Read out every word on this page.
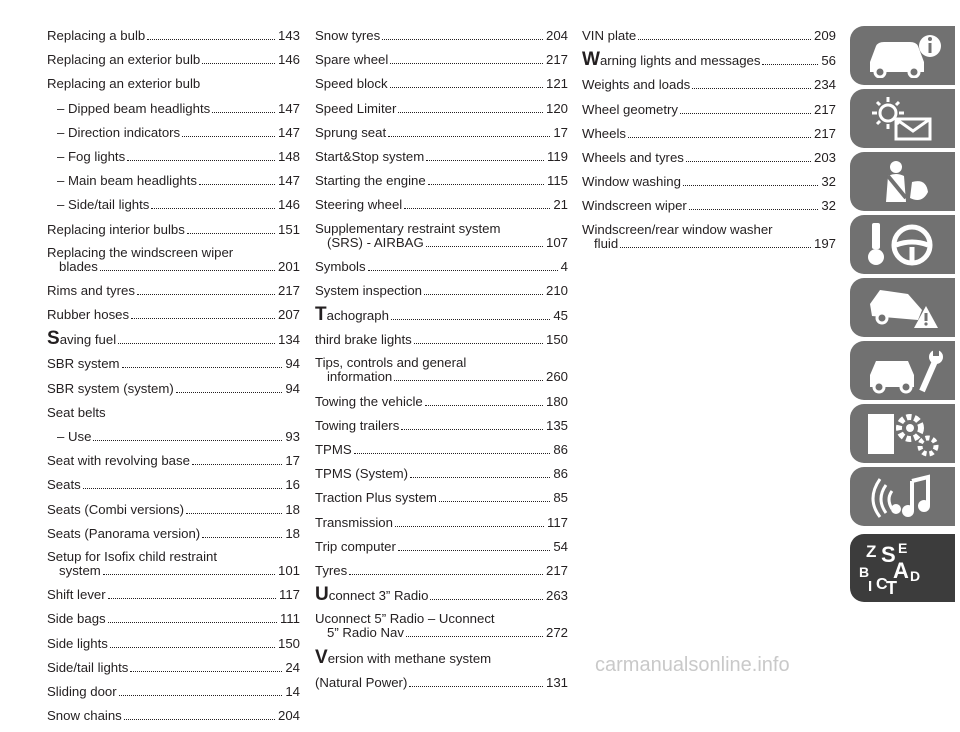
Replacing a bulb	143
Replacing an exterior bulb	146
Replacing an exterior bulb
– Dipped beam headlights	147
– Direction indicators	147
– Fog lights	148
– Main beam headlights	147
– Side/tail lights	146
Replacing interior bulbs	151
Replacing the windscreen wiper
blades	201
Rims and tyres	217
Rubber hoses	207
Saving fuel	134
SBR system	94
SBR system (system)	94
Seat belts
– Use	93
Seat with revolving base	17
Seats	16
Seats (Combi versions)	18
Seats (Panorama version)	18
Setup for Isofix child restraint
system	101
Shift lever	117
Side bags	111
Side lights	150
Side/tail lights	24
Sliding door	14
Snow chains	204
Snow tyres	204
Spare wheel	217
Speed block	121
Speed Limiter	120
Sprung seat	17
Start&Stop system	119
Starting the engine	115
Steering wheel	21
Supplementary restraint system
(SRS) - AIRBAG	107
Symbols	4
System inspection	210
Tachograph	45
third brake lights	150
Tips, controls and general
information	260
Towing the vehicle	180
Towing trailers	135
TPMS	86
TPMS (System)	86
Traction Plus system	85
Transmission	117
Trip computer	54
Tyres	217
Uconnect 3” Radio	263
Uconnect 5” Radio – Uconnect
5” Radio Nav	272
Version with methane system
(Natural Power)	131
VIN plate	209
Warning lights and messages	56
Weights and loads	234
Wheel geometry	217
Wheels	217
Wheels and tyres	203
Window washing	32
Windscreen wiper	32
Windscreen/rear window washer
fluid	197
Z E
S
A
B	D
I C
T
carmanualsonline.info
